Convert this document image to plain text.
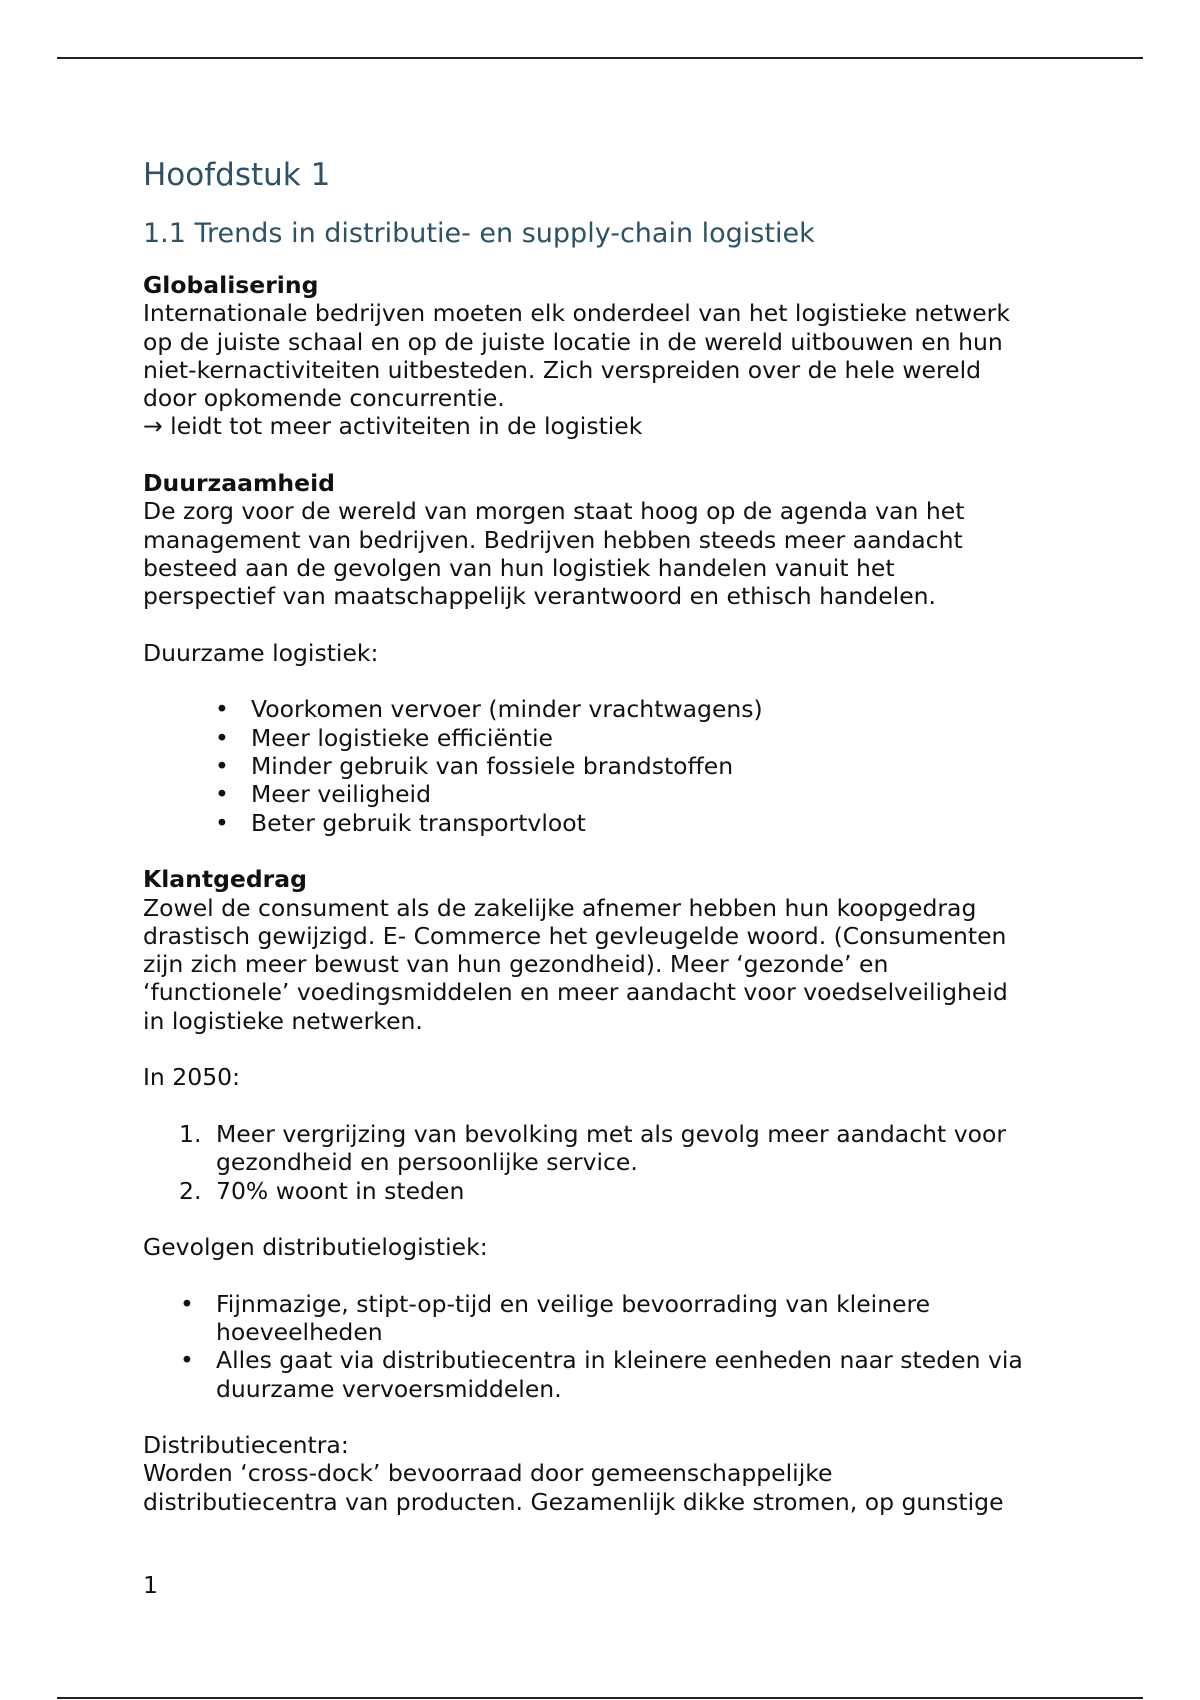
Hoofdstuk 1
1.1 Trends in distributie- en supply-chain logistiek
Globalisering

Internationale bedrijven moeten elk onderdeel van het logistieke netwerk

op de juiste schaal en op de juiste locatie in de wereld uitbouwen en hun

niet-kernactiviteiten uitbesteden. Zich verspreiden over de hele wereld

door opkomende concurrentie.

→ leidt tot meer activiteiten in de logistiek

Duurzaamheid

De zorg voor de wereld van morgen staat hoog op de agenda van het

management van bedrijven. Bedrijven hebben steeds meer aandacht

besteed aan de gevolgen van hun logistiek handelen vanuit het

perspectief van maatschappelijk verantwoord en ethisch handelen.

Duurzame logistiek:

• Voorkomen vervoer (minder vrachtwagens)
• Meer logistieke efficiëntie
• Minder gebruik van fossiele brandstoffen
• Meer veiligheid
• Beter gebruik transportvloot
Klantgedrag

Zowel de consument als de zakelijke afnemer hebben hun koopgedrag

drastisch gewijzigd. E- Commerce het gevleugelde woord. (Consumenten

zijn zich meer bewust van hun gezondheid). Meer ‘gezonde’ en

‘functionele’ voedingsmiddelen en meer aandacht voor voedselveiligheid

in logistieke netwerken.

In 2050:

1. Meer vergrijzing van bevolking met als gevolg meer aandacht voor
gezondheid en persoonlijke service.
2. 70% woont in steden

Gevolgen distributielogistiek:

• Fijnmazige, stipt-op-tijd en veilige bevoorrading van kleinere
hoeveelheden
• Alles gaat via distributiecentra in kleinere eenheden naar steden via
duurzame vervoersmiddelen.

Distributiecentra:

Worden ‘cross-dock’ bevoorraad door gemeenschappelijke

distributiecentra van producten. Gezamenlijk dikke stromen, op gunstige

1
